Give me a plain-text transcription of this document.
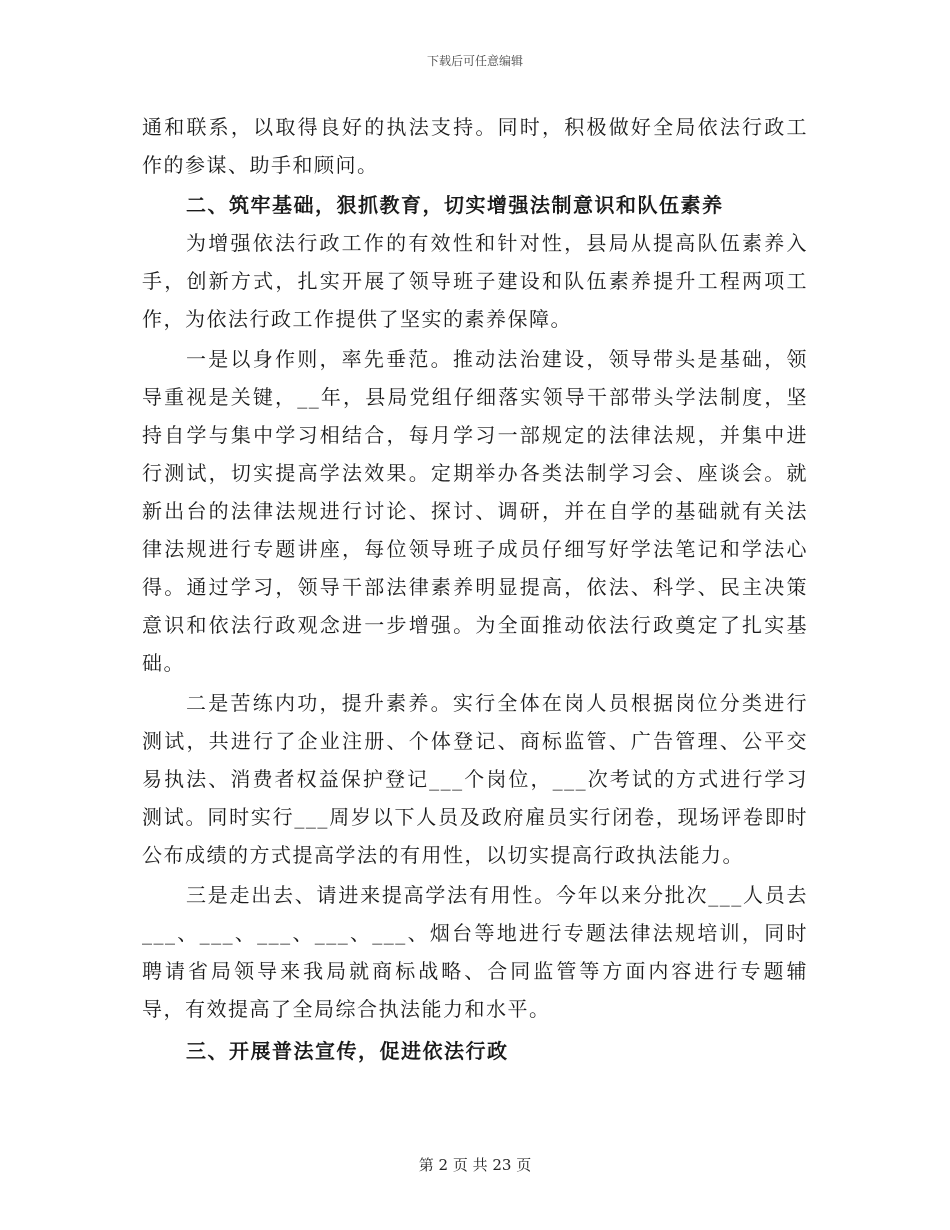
下载后可任意编辑

通和联系，以取得良好的执法支持。同时，积极做好全局依法行政工作的参谋、助手和顾问。

二、筑牢基础，狠抓教育，切实增强法制意识和队伍素养

为增强依法行政工作的有效性和针对性，县局从提高队伍素养入手，创新方式，扎实开展了领导班子建设和队伍素养提升工程两项工作，为依法行政工作提供了坚实的素养保障。

一是以身作则，率先垂范。推动法治建设，领导带头是基础，领导重视是关键，__年，县局党组仔细落实领导干部带头学法制度，坚持自学与集中学习相结合，每月学习一部规定的法律法规，并集中进行测试，切实提高学法效果。定期举办各类法制学习会、座谈会。就新出台的法律法规进行讨论、探讨、调研，并在自学的基础就有关法律法规进行专题讲座，每位领导班子成员仔细写好学法笔记和学法心得。通过学习，领导干部法律素养明显提高，依法、科学、民主决策意识和依法行政观念进一步增强。为全面推动依法行政奠定了扎实基础。

二是苦练内功，提升素养。实行全体在岗人员根据岗位分类进行测试，共进行了企业注册、个体登记、商标监管、广告管理、公平交易执法、消费者权益保护登记___个岗位，___次考试的方式进行学习测试。同时实行___周岁以下人员及政府雇员实行闭卷，现场评卷即时公布成绩的方式提高学法的有用性，以切实提高行政执法能力。

三是走出去、请进来提高学法有用性。今年以来分批次___人员去___、___、___、___、___、烟台等地进行专题法律法规培训，同时聘请省局领导来我局就商标战略、合同监管等方面内容进行专题辅导，有效提高了全局综合执法能力和水平。

三、开展普法宣传，促进依法行政

第 2 页 共 23 页
